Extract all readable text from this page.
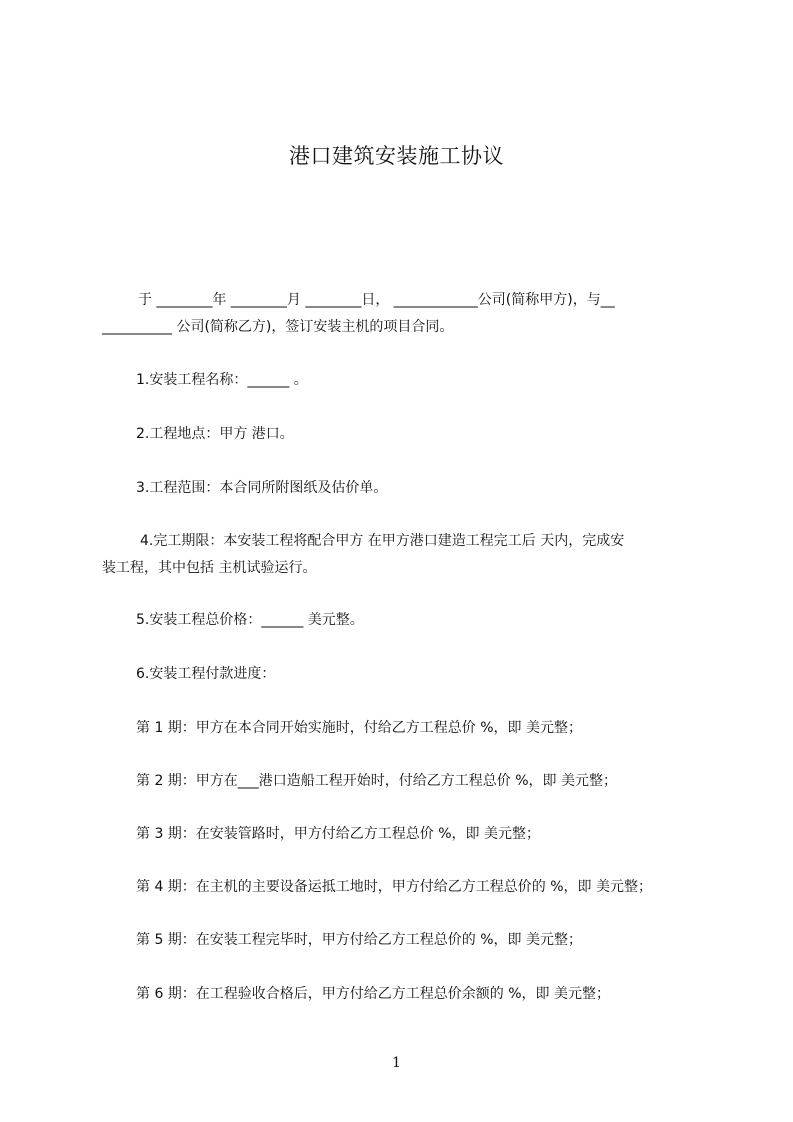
港口建筑安装施工协议
于 ________年 ________月 ________日， ____________公司(简称甲方)，与__
__________ 公司(简称乙方)，签订安装主机的项目合同。
1.安装工程名称：______ 。
2.工程地点：甲方 港口。
3.工程范围：本合同所附图纸及估价单。
4.完工期限：本安装工程将配合甲方 在甲方港口建造工程完工后 天内，完成安
装工程，其中包括 主机试验运行。
5.安装工程总价格：______ 美元整。
6.安装工程付款进度：
第 1 期：甲方在本合同开始实施时，付给乙方工程总价 %，即 美元整；
第 2 期：甲方在___港口造船工程开始时，付给乙方工程总价 %，即 美元整；
第 3 期：在安装管路时，甲方付给乙方工程总价 %，即 美元整；
第 4 期：在主机的主要设备运抵工地时，甲方付给乙方工程总价的 %，即 美元整；
第 5 期：在安装工程完毕时，甲方付给乙方工程总价的 %，即 美元整；
第 6 期：在工程验收合格后，甲方付给乙方工程总价余额的 %，即 美元整；
1
